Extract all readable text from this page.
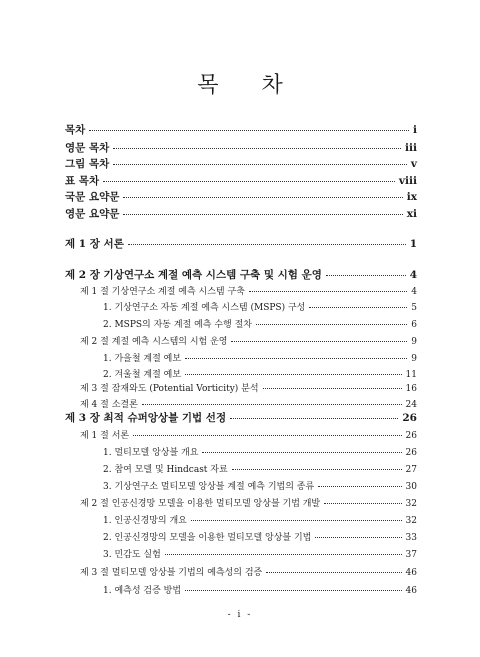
목 차
목차	i
영문 목차	iii
그림 목차	v
표 목차	viii
국문 요약문	ix
영문 요약문	xi
제 1 장 서론	1
제 2 장 기상연구소 계절 예측 시스템 구축 및 시험 운영	4
제 1 절 기상연구소 계절 예측 시스템 구축	4
1. 기상연구소 자동 계절 예측 시스템 (MSPS) 구성	5
2. MSPS의 자동 계절 예측 수행 절차	6
제 2 절 계절 예측 시스템의 시험 운영	9
1. 가을철 계절 예보	9
2. 겨울철 계절 예보	11
제 3 절 잠재와도 (Potential Vorticity) 분석	16
제 4 절 소결론	24
제 3 장 최적 슈퍼앙상블 기법 선정	26
제 1 절 서론	26
1. 멀티모델 앙상블 개요	26
2. 참여 모델 및 Hindcast 자료	27
3. 기상연구소 멀티모델 앙상블 계절 예측 기법의 종류	30
제 2 절 인공신경망 모델을 이용한 멀티모델 앙상블 기법 개발	32
1. 인공신경망의 개요	32
2. 인공신경망의 모델을 이용한 멀티모델 앙상블 기법	33
3. 민감도 실험	37
제 3 절 멀티모델 앙상블 기법의 예측성의 검증	46
1. 예측성 검증 방법	46
- i -
